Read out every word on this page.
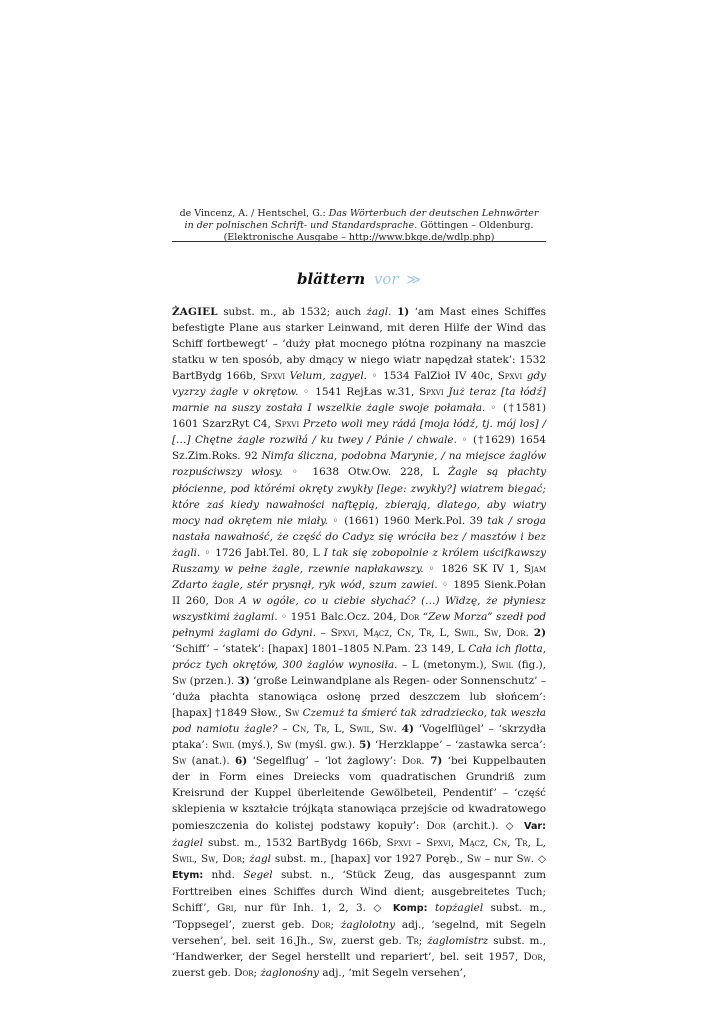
de Vincenz, A. / Hentschel, G.: Das Wörterbuch der deutschen Lehnwörter
in der polnischen Schrift- und Standardsprache. Göttingen – Oldenburg.
(Elektronische Ausgabe – http://www.bkge.de/wdlp.php)
blättern vor ≫

ŻAGIEL subst. m., ab 1532; auch żagl. 1) ‘am Mast eines Schiffes befestigte Plane aus starker Leinwand, mit deren Hilfe der Wind das Schiff fortbewegt’ – ‘duży płat mocnego płótna rozpinany na maszcie statku w ten sposób, aby dmący w niego wiatr napędzał statek’: 1532 BartBydg 166b, Spxvi Velum, zagyel. ◦ 1534 FalZioł IV 40c, Spxvi gdy vyzrzy żagle v okrętow. ◦ 1541 RejŁas w.31, Spxvi Już teraz [ta łódź] marnie na suszy została I wszelkie żagle swoje połamała. ◦ (†1581) 1601 SzarzRyt C4, Spxvi Przeto woli mey rádá [moja łódź, tj. mój los] / […] Chętne żagle rozwiłá / ku twey / Pánie / chwale. ◦ (†1629) 1654 Sz.Zim.Roks. 92 Nimfa śliczna, podobna Marynie, / na miejsce żaglów rozpuściwszy włosy. ◦ 1638 Otw.Ow. 228, L Żagle są płachty płócienne, pod którémi okręty zwykły [lege: zwykły?] wiatrem biegać; które zaś kiedy nawałności naftępią, zbierają, dlatego, aby wiatry mocy nad okrętem nie miały. ◦ (1661) 1960 Merk.Pol. 39 tak / sroga nastała nawałność, że część do Cadyz się wróciła bez / masztów i bez żagli. ◦ 1726 Jabł.Tel. 80, L I tak się zobopolnie z królem uścifkawszy Ruszamy w pełne żagle, rzewnie napłakawszy. ◦ 1826 SK IV 1, Sjam Zdarto żagle, stér prysnął, ryk wód, szum zawiei. ◦ 1895 Sienk.Połan II 260, Dor A w ogóle, co u ciebie słychać? (…) Widzę, że płyniesz wszystkimi żaglami. ◦ 1951 Balc.Ocz. 204, Dor “Zew Morza” szedł pod pełnymi żaglami do Gdyni. – Spxvi, Mącz, Cn, Tr, L, Swil, Sw, Dor. 2) ‘Schiff’ – ‘statek’: [hapax] 1801–1805 N.Pam. 23 149, L Cała ich flotta, prócz tych okrętów, 300 żaglów wynosiła. – L (metonym.), Swil (fig.), Sw (przen.). 3) ‘große Leinwandplane als Regen- oder Sonnenschutz’ – ‘duża płachta stanowiąca osłonę przed deszczem lub słońcem’: [hapax] †1849 Słow., Sw Czemuż ta śmierć tak zdradziecko, tak weszła pod namiotu żagle? – Cn, Tr, L, Swil, Sw. 4) ‘Vogelflügel’ – ‘skrzydła ptaka’: Swil (myś.), Sw (myśl. gw.). 5) ‘Herzklappe’ – ‘zastawka serca’: Sw (anat.). 6) ‘Segelflug’ – ‘lot żaglowy’: Dor. 7) ‘bei Kuppelbauten der in Form eines Dreiecks vom quadratischen Grundriß zum Kreisrund der Kuppel überleitende Gewölbeteil, Pendentif’ – ‘część sklepienia w kształcie trójkąta stanowiąca przejście od kwadratowego pomieszczenia do kolistej podstawy kopuły’: Dor (archit.). ◇ Var: żagiel subst. m., 1532 BartBydg 166b, Spxvi – Spxvi, Mącz, Cn, Tr, L, Swil, Sw, Dor; żagl subst. m., [hapax] vor 1927 Poręb., Sw – nur Sw. ◇ Etym: nhd. Segel subst. n., ‘Stück Zeug, das ausgespannt zum Forttreiben eines Schiffes durch Wind dient; ausgebreitetes Tuch; Schiff’, Gri, nur für Inh. 1, 2, 3. ◇ Komp: topżagiel subst. m., ‘Toppsegel’, zuerst geb. Dor; żaglolotny adj., ‘segelnd, mit Segeln versehen’, bel. seit 16.Jh., Sw, zuerst geb. Tr; żaglomistrz subst. m., ‘Handwerker, der Segel herstellt und repariert’, bel. seit 1957, Dor, zuerst geb. Dor; żaglonośny adj., ‘mit Segeln versehen’,
